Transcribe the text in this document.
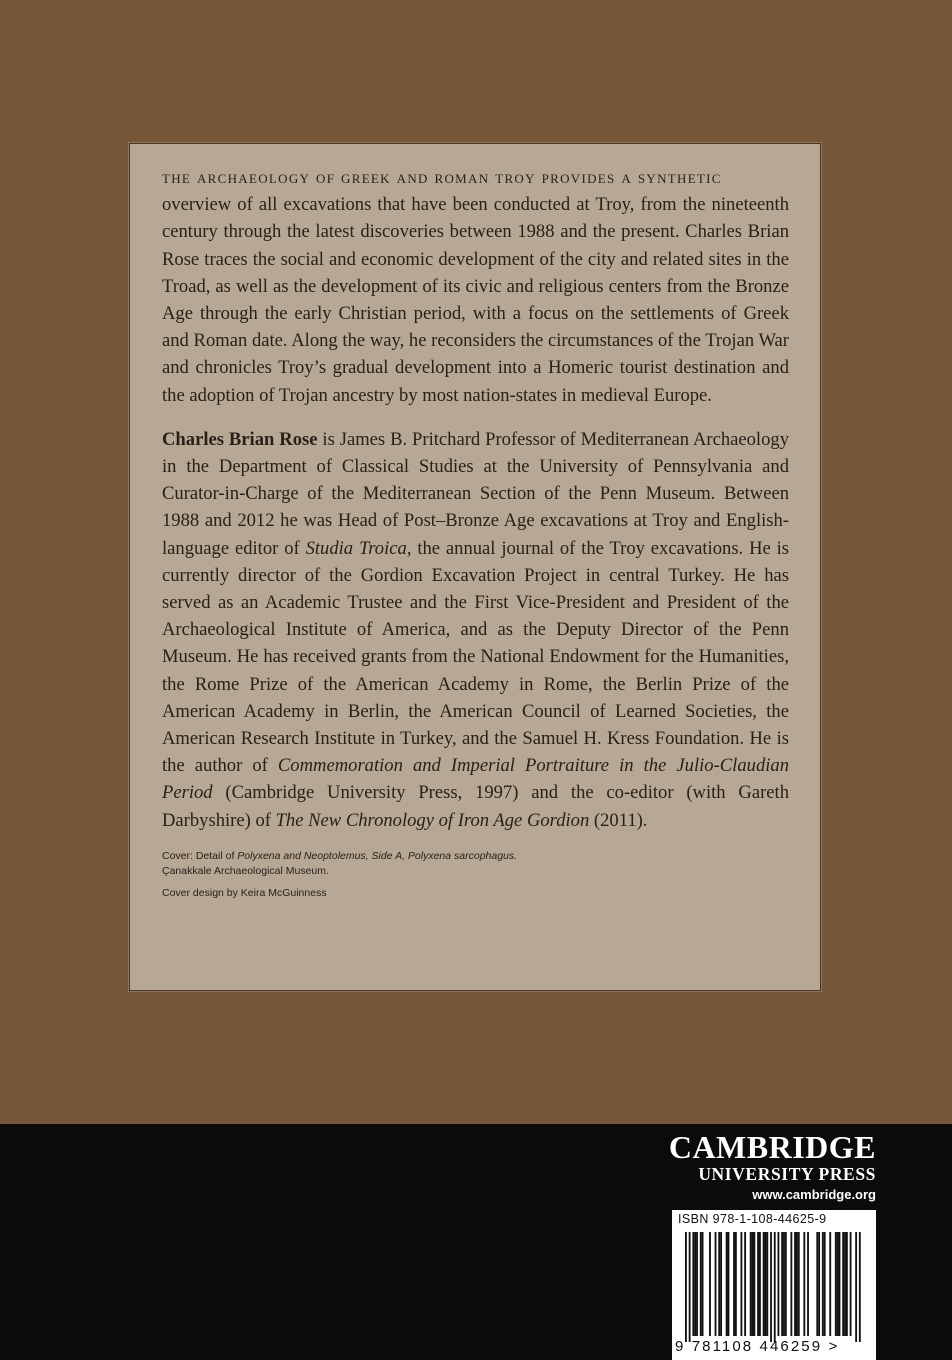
the archaeology of greek and roman troy provides a synthetic
overview of all excavations that have been conducted at Troy, from the nineteenth century through the latest discoveries between 1988 and the present. Charles Brian Rose traces the social and economic development of the city and related sites in the Troad, as well as the development of its civic and religious centers from the Bronze Age through the early Christian period, with a focus on the settlements of Greek and Roman date. Along the way, he reconsiders the circumstances of the Trojan War and chronicles Troy’s gradual development into a Homeric tourist destination and the adoption of Trojan ancestry by most nation-states in medieval Europe.

Charles Brian Rose is James B. Pritchard Professor of Mediterranean Archaeology in the Department of Classical Studies at the University of Pennsylvania and Curator-in-Charge of the Mediterranean Section of the Penn Museum. Between 1988 and 2012 he was Head of Post–Bronze Age excavations at Troy and English-language editor of Studia Troica, the annual journal of the Troy excavations. He is currently director of the Gordion Excavation Project in central Turkey. He has served as an Academic Trustee and the First Vice-President and President of the Archaeological Institute of America, and as the Deputy Director of the Penn Museum. He has received grants from the National Endowment for the Humanities, the Rome Prize of the American Academy in Rome, the Berlin Prize of the American Academy in Berlin, the American Council of Learned Societies, the American Research Institute in Turkey, and the Samuel H. Kress Foundation. He is the author of Commemoration and Imperial Portraiture in the Julio-Claudian Period (Cambridge University Press, 1997) and the co-editor (with Gareth Darbyshire) of The New Chronology of Iron Age Gordion (2011).

Cover: Detail of Polyxena and Neoptolemus, Side A, Polyxena sarcophagus.
Çanakkale Archaeological Museum.

Cover design by Keira McGuinness

CAMBRIDGE
UNIVERSITY PRESS
www.cambridge.org
ISBN 978-1-108-44625-9
9 781108 446259 >
